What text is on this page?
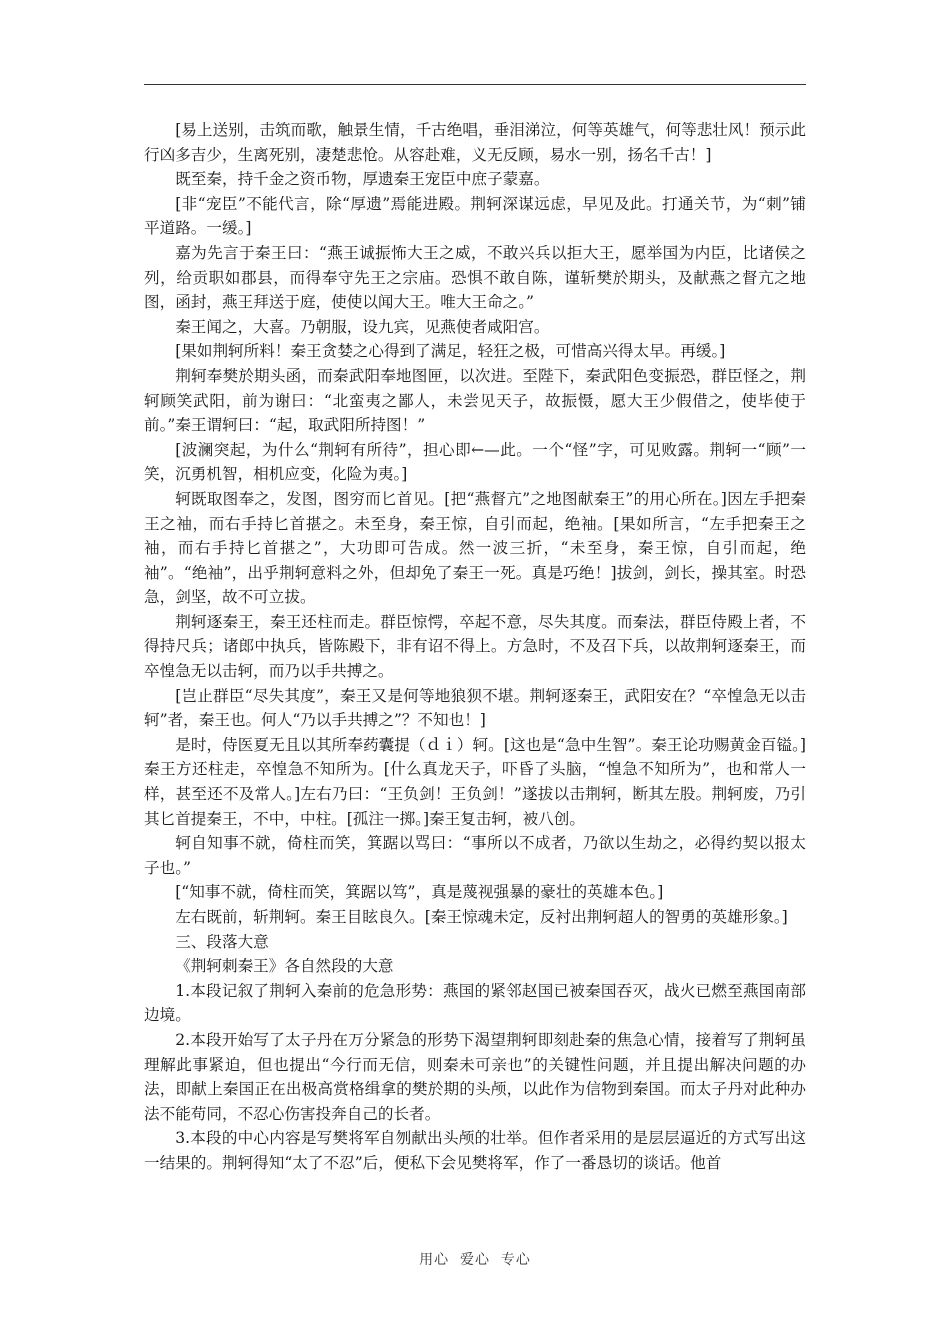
[易上送别，击筑而歌，触景生情，千古绝唱，垂泪涕泣，何等英雄气，何等悲壮风！预示此行凶多吉少，生离死别，凄楚悲怆。从容赴难，义无反顾，易水一别，扬名千古！]

既至秦，持千金之资币物，厚遗秦王宠臣中庶子蒙嘉。

[非“宠臣”不能代言，除“厚遗”焉能进殿。荆轲深谋远虑，早见及此。打通关节，为“刺”铺平道路。一缓。]

嘉为先言于秦王曰：“燕王诚振怖大王之威，不敢兴兵以拒大王，愿举国为内臣，比诸侯之列，给贡职如郡县，而得奉守先王之宗庙。恐惧不敢自陈，谨斩樊於期头，及献燕之督亢之地图，函封，燕王拜送于庭，使使以闻大王。唯大王命之。”

秦王闻之，大喜。乃朝服，设九宾，见燕使者咸阳宫。

[果如荆轲所料！秦王贪婪之心得到了满足，轻狂之极，可惜高兴得太早。再缓。]

荆轲奉樊於期头函，而秦武阳奉地图匣，以次进。至陛下，秦武阳色变振恐，群臣怪之，荆轲顾笑武阳，前为谢曰：“北蛮夷之鄙人，未尝见天子，故振慑，愿大王少假借之，使毕使于前。”秦王谓轲曰：“起，取武阳所持图！”

[波澜突起，为什么“荆轲有所待”，担心即←—此。一个“怪”字，可见败露。荆轲一“顾”一笑，沉勇机智，相机应变，化险为夷。]

轲既取图奉之，发图，图穷而匕首见。[把“燕督亢”之地图献秦王”的用心所在。]因左手把秦王之袖，而右手持匕首揕之。未至身，秦王惊，自引而起，绝袖。[果如所言，“左手把秦王之袖，而右手持匕首揕之”，大功即可告成。然一波三折，“未至身，秦王惊，自引而起，绝袖”。“绝袖”，出乎荆轲意料之外，但却免了秦王一死。真是巧绝！]拔剑，剑长，操其室。时恐急，剑坚，故不可立拔。

荆轲逐秦王，秦王还柱而走。群臣惊愕，卒起不意，尽失其度。而秦法，群臣侍殿上者，不得持尺兵；诸郎中执兵，皆陈殿下，非有诏不得上。方急时，不及召下兵，以故荆轲逐秦王，而卒惶急无以击轲，而乃以手共搏之。

[岂止群臣“尽失其度”，秦王又是何等地狼狈不堪。荆轲逐秦王，武阳安在？“卒惶急无以击轲”者，秦王也。何人“乃以手共搏之”？不知也！]

是时，侍医夏无且以其所奉药囊提（ｄｉ）轲。[这也是“急中生智”。秦王论功赐黄金百镒。]秦王方还柱走，卒惶急不知所为。[什么真龙天子，吓昏了头脑，“惶急不知所为”，也和常人一样，甚至还不及常人。]左右乃曰：“王负剑！王负剑！”遂拔以击荆轲，断其左股。荆轲废，乃引其匕首提秦王，不中，中柱。[孤注一掷。]秦王复击轲，被八创。

轲自知事不就，倚柱而笑，箕踞以骂曰：“事所以不成者，乃欲以生劫之，必得约契以报太子也。”

[“知事不就，倚柱而笑，箕踞以笃”，真是蔑视强暴的豪壮的英雄本色。]

左右既前，斩荆轲。秦王目眩良久。[秦王惊魂未定，反衬出荆轲超人的智勇的英雄形象。]

三、段落大意

《荆轲刺秦王》各自然段的大意

1.本段记叙了荆轲入秦前的危急形势：燕国的紧邻赵国已被秦国吞灭，战火已燃至燕国南部边境。

2.本段开始写了太子丹在万分紧急的形势下渴望荆轲即刻赴秦的焦急心情，接着写了荆轲虽理解此事紧迫，但也提出“今行而无信，则秦未可亲也”的关键性问题，并且提出解决问题的办法，即献上秦国正在出极高赏格缉拿的樊於期的头颅，以此作为信物到秦国。而太子丹对此种办法不能苟同，不忍心伤害投奔自己的长者。

3.本段的中心内容是写樊将军自刎献出头颅的壮举。但作者采用的是层层逼近的方式写出这一结果的。荆轲得知“太了不忍”后，便私下会见樊将军，作了一番恳切的谈话。他首

用心  爱心  专心
